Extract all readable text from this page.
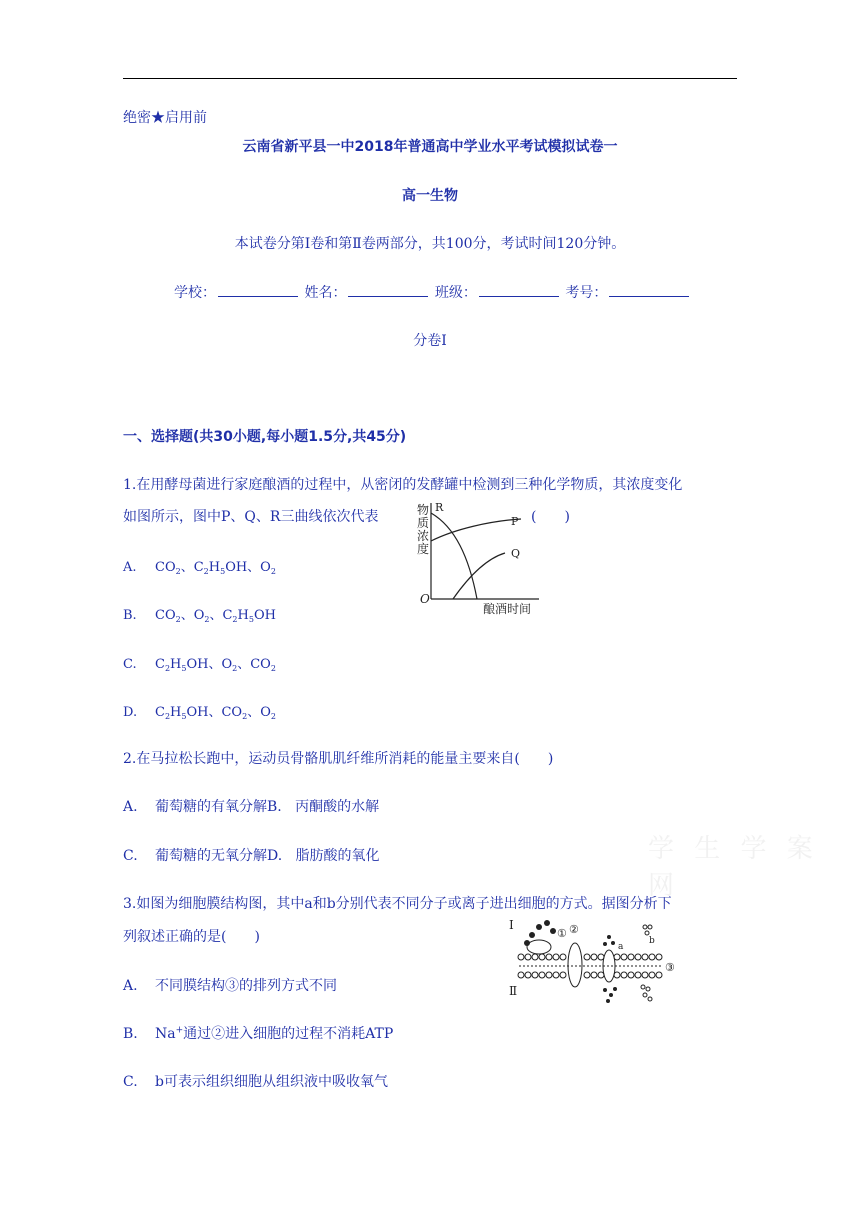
绝密★启用前
云南省新平县一中2018年普通高中学业水平考试模拟试卷一
高一生物
本试卷分第Ⅰ卷和第Ⅱ卷两部分，共100分，考试时间120分钟。
学校：	姓名：	班级：	考号：
分卷I
一、选择题(共30小题,每小题1.5分,共45分)
1.在用酵母菌进行家庭酿酒的过程中，从密闭的发酵罐中检测到三种化学物质，其浓度变化
如图所示，图中P、Q、R三曲线依次代表	(　　)
物
质
浓
度
R
P
Q
O
酿酒时间
A. $CO_2$、$C_2H_5OH$、$O_2$
B. $CO_2$、$O_2$、$C_2H_5OH$
C. $C_2H_5OH$、$O_2$、$CO_2$
D. $C_2H_5OH$、$CO_2$、$O_2$
2.在马拉松长跑中，运动员骨骼肌肌纤维所消耗的能量主要来自(　　)
A. 葡萄糖的有氧分解B. 丙酮酸的水解
C. 葡萄糖的无氧分解D. 脂肪酸的氧化	学 生 学 案 网
3.如图为细胞膜结构图，其中a和b分别代表不同分子或离子进出细胞的方式。据图分析下
列叙述正确的是(　　)
Ⅰ
Ⅱ
① ②
a
b
③
A. 不同膜结构③的排列方式不同
B. Na+通过②进入细胞的过程不消耗ATP
C. b可表示组织细胞从组织液中吸收氧气
